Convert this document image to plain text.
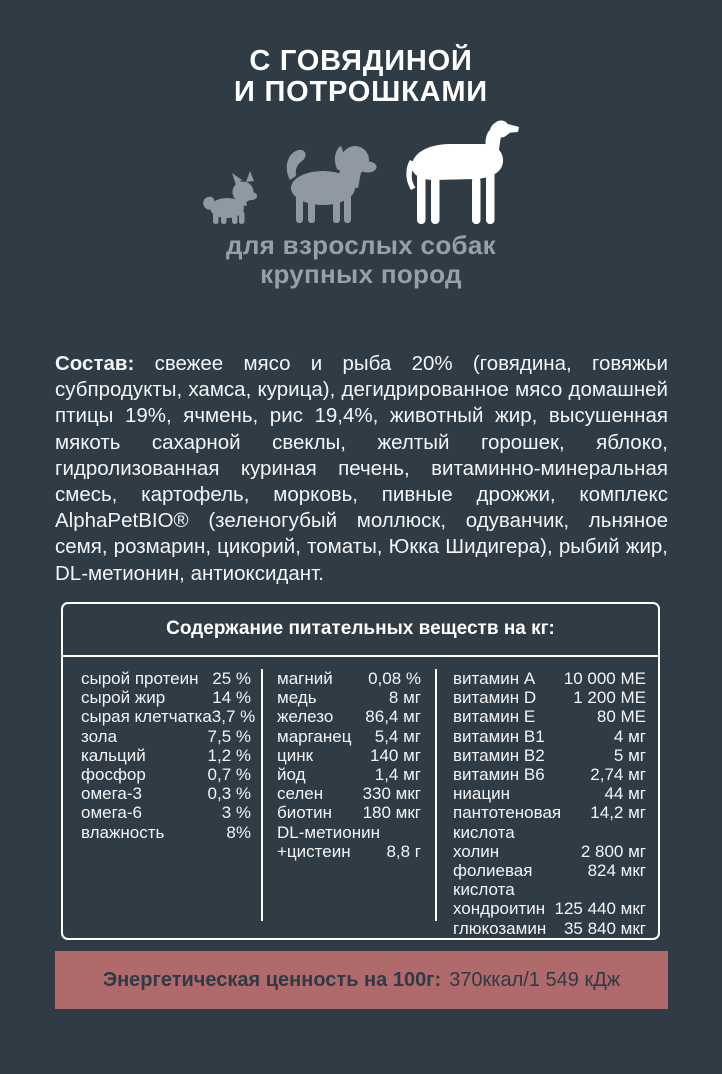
С ГОВЯДИНОЙ
И ПОТРОШКАМИ
для взрослых собак
крупных пород
Состав: свежее мясо и рыба 20% (говядина, говяжьи субпродукты, хамса, курица), дегидрированное мясо домашней птицы 19%, ячмень, рис 19,4%, животный жир, высушенная мякоть сахарной свеклы, желтый горошек, яблоко, гидролизованная куриная печень, витаминно-минеральная смесь, картофель, морковь, пивные дрожжи, комплекс AlphaPetBIO® (зеленогубый моллюск, одуванчик, льняное семя, розмарин, цикорий, томаты, Юкка Шидигера), рыбий жир, DL-метионин, антиоксидант.
Содержание питательных веществ на кг:
сырой протеин 25 %
сырой жир	14 %
сырая клетчатка 3,7 %
зола	7,5 %
кальций	1,2 %
фосфор	0,7 %
омега-3	0,3 %
омега-6	3 %
влажность	8%
магний 0,08 %
медь	8 мг
железо 86,4 мг
марганец 5,4 мг
цинк	140 мг
йод	1,4 мг
селен 330 мкг
биотин 180 мкг
DL-метионин
+цистеин 8,8 г
витамин A 10 000 МЕ
витамин D 1 200 МЕ
витамин E	80 МЕ
витамин B1	4 мг
витамин B2	5 мг
витамин B6	2,74 мг
ниацин	44 мг
пантотеновая 14,2 мг
кислота
холин	2 800 мг
фолиевая	824 мкг
кислота
хондроитин 125 440 мкг
глюкозамин 35 840 мкг
Энергетическая ценность на 100г: 370ккал/1 549 кДж
